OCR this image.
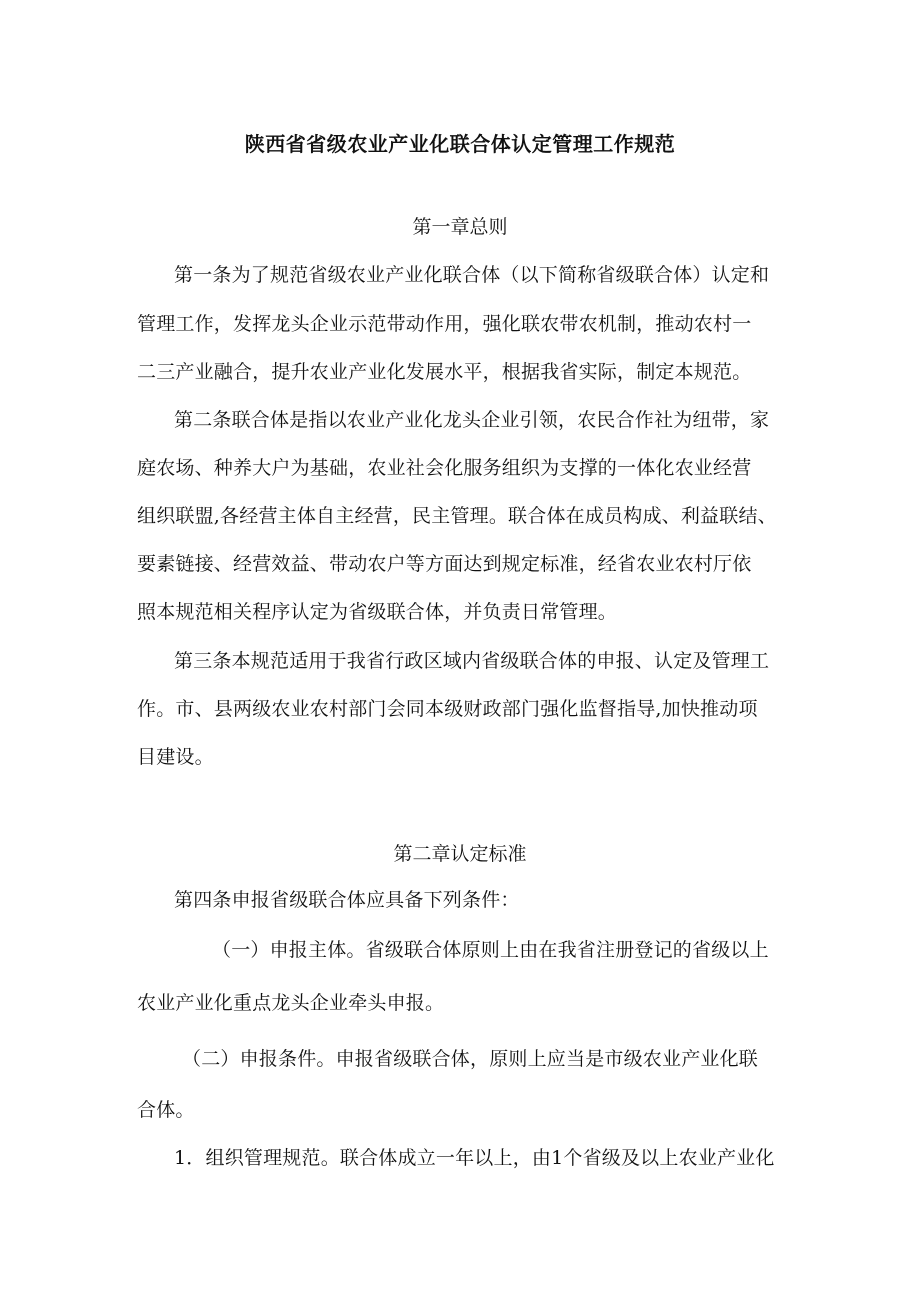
陕西省省级农业产业化联合体认定管理工作规范
第一章总则
第一条为了规范省级农业产业化联合体（以下简称省级联合体）认定和
管理工作，发挥龙头企业示范带动作用，强化联农带农机制，推动农村一
二三产业融合，提升农业产业化发展水平，根据我省实际，制定本规范。
第二条联合体是指以农业产业化龙头企业引领，农民合作社为纽带，家
庭农场、种养大户为基础，农业社会化服务组织为支撑的一体化农业经营
组织联盟,各经营主体自主经营，民主管理。联合体在成员构成、利益联结、
要素链接、经营效益、带动农户等方面达到规定标准，经省农业农村厅依
照本规范相关程序认定为省级联合体，并负责日常管理。
第三条本规范适用于我省行政区域内省级联合体的申报、认定及管理工
作。市、县两级农业农村部门会同本级财政部门强化监督指导,加快推动项
目建设。
第二章认定标准
第四条申报省级联合体应具备下列条件：
（一）申报主体。省级联合体原则上由在我省注册登记的省级以上
农业产业化重点龙头企业牵头申报。
（二）申报条件。申报省级联合体，原则上应当是市级农业产业化联
合体。
1．组织管理规范。联合体成立一年以上，由1个省级及以上农业产业化
